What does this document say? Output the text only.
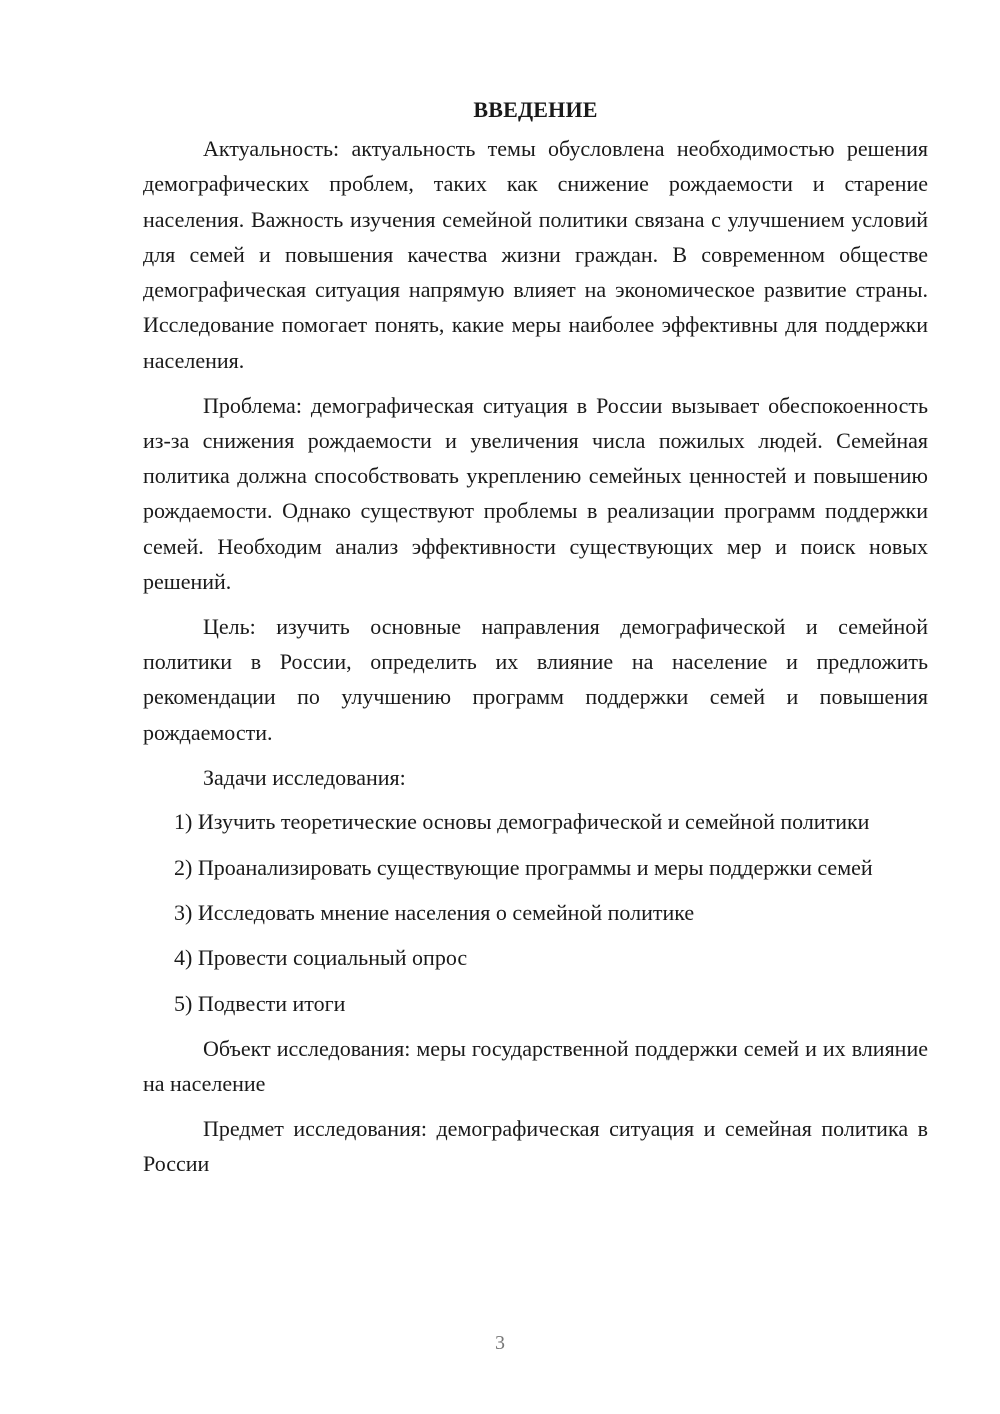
ВВЕДЕНИЕ

Актуальность: актуальность темы обусловлена необходимостью решения демографических проблем, таких как снижение рождаемости и старение населения. Важность изучения семейной политики связана с улучшением условий для семей и повышения качества жизни граждан. В современном обществе демографическая ситуация напрямую влияет на экономическое развитие страны. Исследование помогает понять, какие меры наиболее эффективны для поддержки населения.

Проблема: демографическая ситуация в России вызывает обеспокоенность из-за снижения рождаемости и увеличения числа пожилых людей. Семейная политика должна способствовать укреплению семейных ценностей и повышению рождаемости. Однако существуют проблемы в реализации программ поддержки семей. Необходим анализ эффективности существующих мер и поиск новых решений.

Цель: изучить основные направления демографической и семейной политики в России, определить их влияние на население и предложить рекомендации по улучшению программ поддержки семей и повышения рождаемости.

Задачи исследования:

1) Изучить теоретические основы демографической и семейной политики

2) Проанализировать существующие программы и меры поддержки семей

3) Исследовать мнение населения о семейной политике

4) Провести социальный опрос

5) Подвести итоги

Объект исследования: меры государственной поддержки семей и их влияние на население

Предмет исследования: демографическая ситуация и семейная политика в России

3
